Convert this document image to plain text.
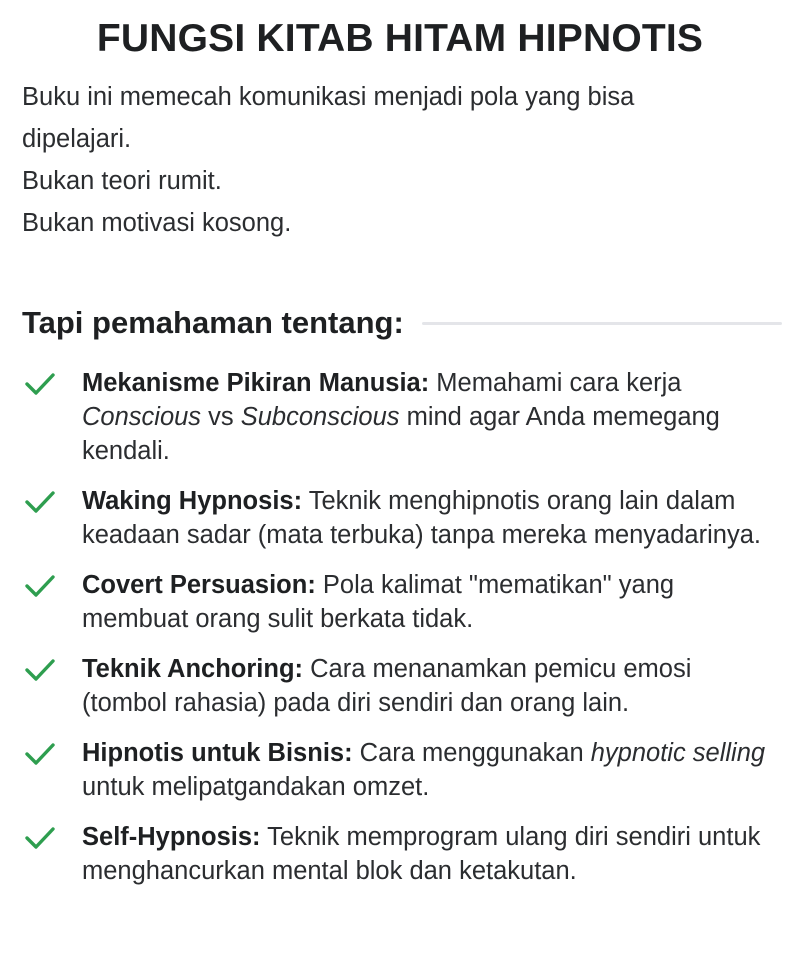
FUNGSI KITAB HITAM HIPNOTIS

Buku ini memecah komunikasi menjadi pola yang bisa dipelajari.

Bukan teori rumit.

Bukan motivasi kosong.

Tapi pemahaman tentang:
Mekanisme Pikiran Manusia: Memahami cara kerja Conscious vs Subconscious mind agar Anda memegang kendali.
Waking Hypnosis: Teknik menghipnotis orang lain dalam keadaan sadar (mata terbuka) tanpa mereka menyadarinya.
Covert Persuasion: Pola kalimat "mematikan" yang membuat orang sulit berkata tidak.
Teknik Anchoring: Cara menanamkan pemicu emosi (tombol rahasia) pada diri sendiri dan orang lain.
Hipnotis untuk Bisnis: Cara menggunakan hypnotic selling untuk melipatgandakan omzet.
Self-Hypnosis: Teknik memprogram ulang diri sendiri untuk menghancurkan mental blok dan ketakutan.
